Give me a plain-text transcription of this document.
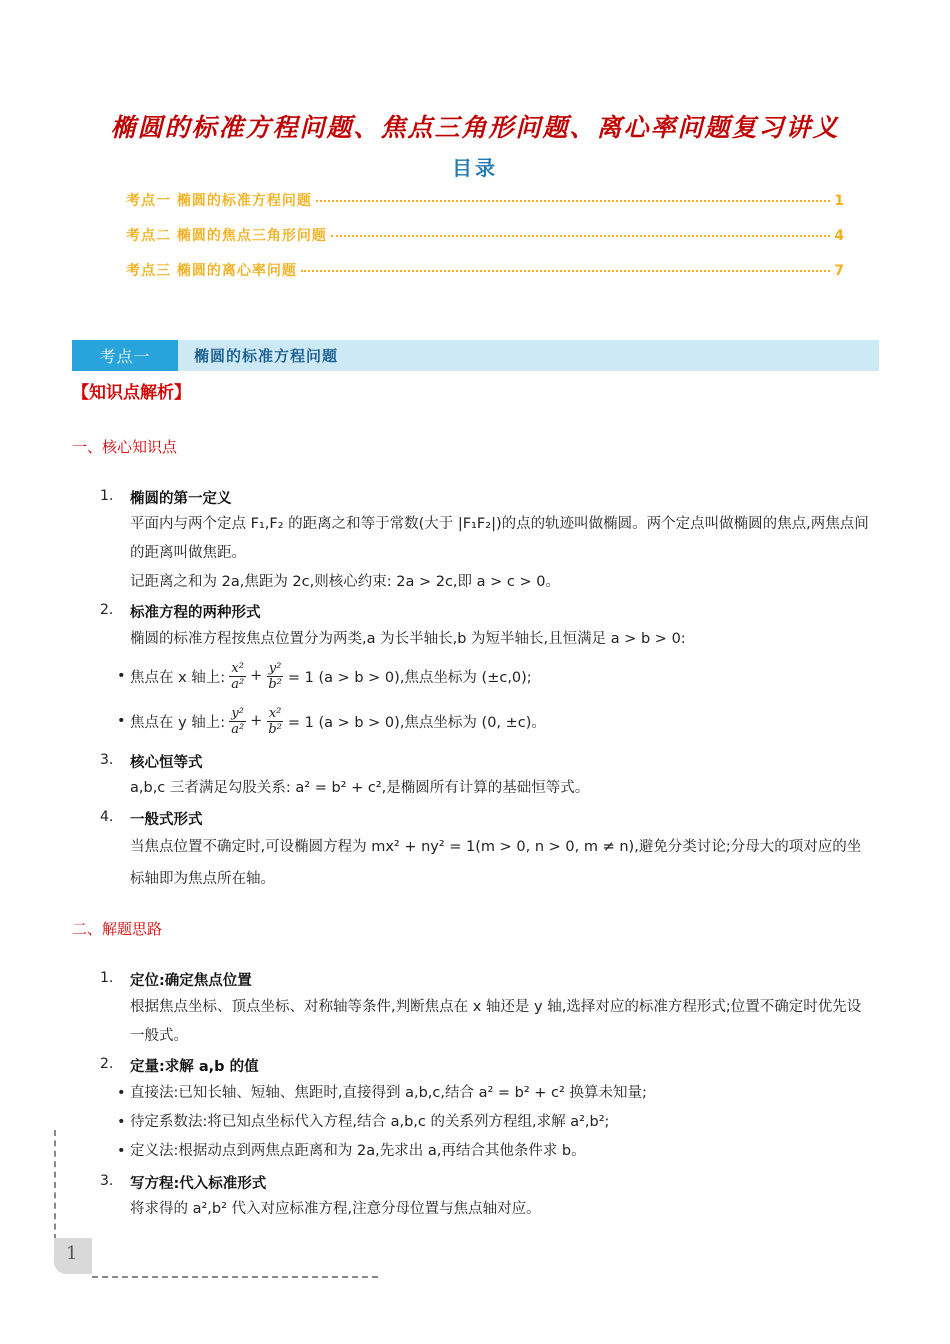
椭圆的标准方程问题、焦点三角形问题、离心率问题复习讲义
目录
考点一 椭圆的标准方程问题	1
考点二 椭圆的焦点三角形问题	4
考点三 椭圆的离心率问题	7
考点一	椭圆的标准方程问题
【知识点解析】
一、核心知识点
1. 椭圆的第一定义
平面内与两个定点 F₁,F₂ 的距离之和等于常数(大于 |F₁F₂|)的点的轨迹叫做椭圆。两个定点叫做椭圆的焦点,两焦点间的距离叫做焦距。
记距离之和为 2a,焦距为 2c,则核心约束: 2a > 2c,即 a > c > 0。
2. 标准方程的两种形式
椭圆的标准方程按焦点位置分为两类,a 为长半轴长,b 为短半轴长,且恒满足 a > b > 0:
• 焦点在 x 轴上: $\frac{\text{x²}}{\text{a²}} + \frac{\text{y²}}{\text{b²}} = 1$ (a > b > 0),焦点坐标为 (±c,0);
• 焦点在 y 轴上: $\frac{\text{y²}}{\text{a²}} + \frac{\text{x²}}{\text{b²}} = 1$ (a > b > 0),焦点坐标为 (0, ±c)。
3. 核心恒等式
a,b,c 三者满足勾股关系: a² = b² + c²,是椭圆所有计算的基础恒等式。
4. 一般式形式
当焦点位置不确定时,可设椭圆方程为 mx² + ny² = 1(m > 0, n > 0, m ≠ n),避免分类讨论;分母大的项对应的坐标轴即为焦点所在轴。
二、解题思路
1. 定位:确定焦点位置
根据焦点坐标、顶点坐标、对称轴等条件,判断焦点在 x 轴还是 y 轴,选择对应的标准方程形式;位置不确定时优先设一般式。
2. 定量:求解 a,b 的值
• 直接法:已知长轴、短轴、焦距时,直接得到 a,b,c,结合 a² = b² + c² 换算未知量;
• 待定系数法:将已知点坐标代入方程,结合 a,b,c 的关系列方程组,求解 a²,b²;
• 定义法:根据动点到两焦点距离和为 2a,先求出 a,再结合其他条件求 b。
3. 写方程:代入标准形式
将求得的 a²,b² 代入对应标准方程,注意分母位置与焦点轴对应。
1
